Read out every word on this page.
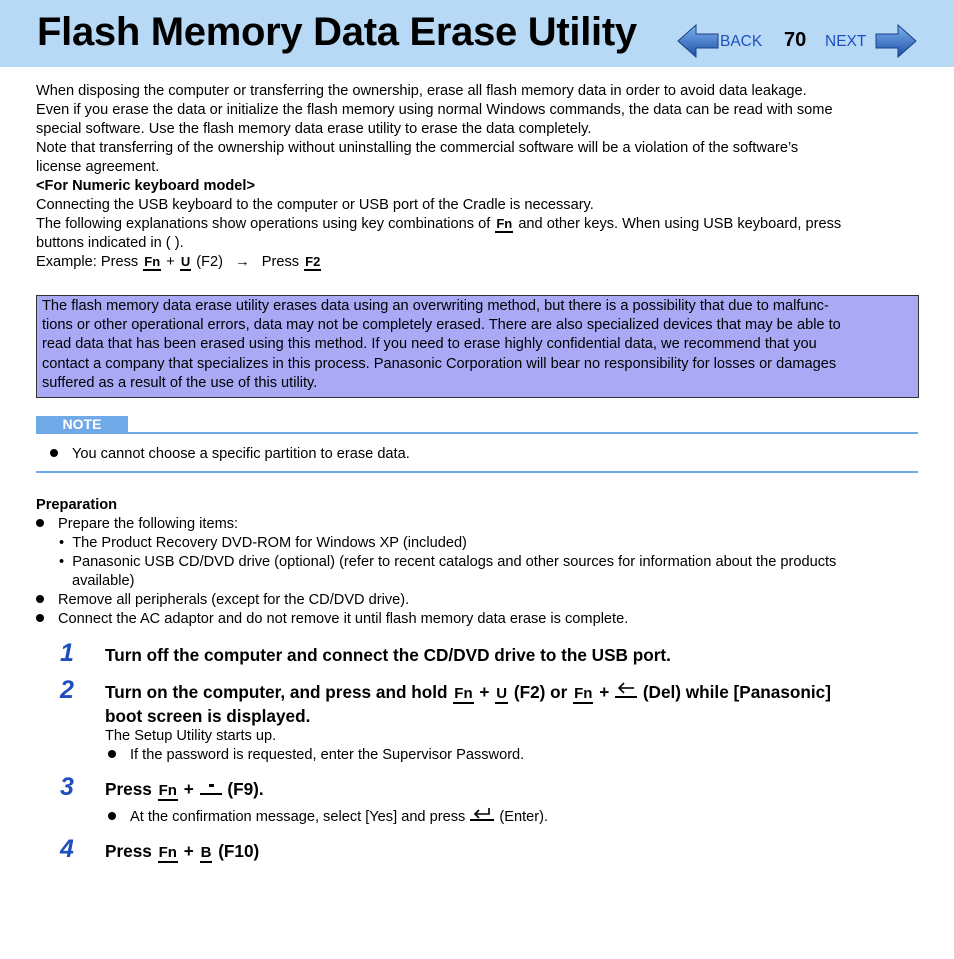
Flash Memory Data Erase Utility	BACK 70 NEXT

When disposing the computer or transferring the ownership, erase all flash memory data in order to avoid data leakage.

Even if you erase the data or initialize the flash memory using normal Windows commands, the data can be read with some

special software. Use the flash memory data erase utility to erase the data completely.

Note that transferring of the ownership without uninstalling the commercial software will be a violation of the software’s

license agreement.

<For Numeric keyboard model>

Connecting the USB keyboard to the computer or USB port of the Cradle is necessary.

The following explanations show operations using key combinations of Fn and other keys. When using USB keyboard, press

buttons indicated in ( ).

Example: Press Fn + U (F2) → Press F2

The flash memory data erase utility erases data using an overwriting method, but there is a possibility that due to malfunc-
tions or other operational errors, data may not be completely erased. There are also specialized devices that may be able to
read data that has been erased using this method. If you need to erase highly confidential data, we recommend that you
contact a company that specializes in this process. Panasonic Corporation will bear no responsibility for losses or damages
suffered as a result of the use of this utility.
NOTE
You cannot choose a specific partition to erase data.
Preparation
Prepare the following items:
• The Product Recovery DVD-ROM for Windows XP (included)
• Panasonic USB CD/DVD drive (optional) (refer to recent catalogs and other sources for information about the products
available)
Remove all peripherals (except for the CD/DVD drive).
Connect the AC adaptor and do not remove it until flash memory data erase is complete.
1 Turn off the computer and connect the CD/DVD drive to the USB port.
2 Turn on the computer, and press and hold Fn + U (F2) or Fn + (Del) while [Panasonic]
boot screen is displayed.
The Setup Utility starts up.
If the password is requested, enter the Supervisor Password.
3 Press Fn + (F9).
At the confirmation message, select [Yes] and press (Enter).
4 Press Fn + B (F10)
